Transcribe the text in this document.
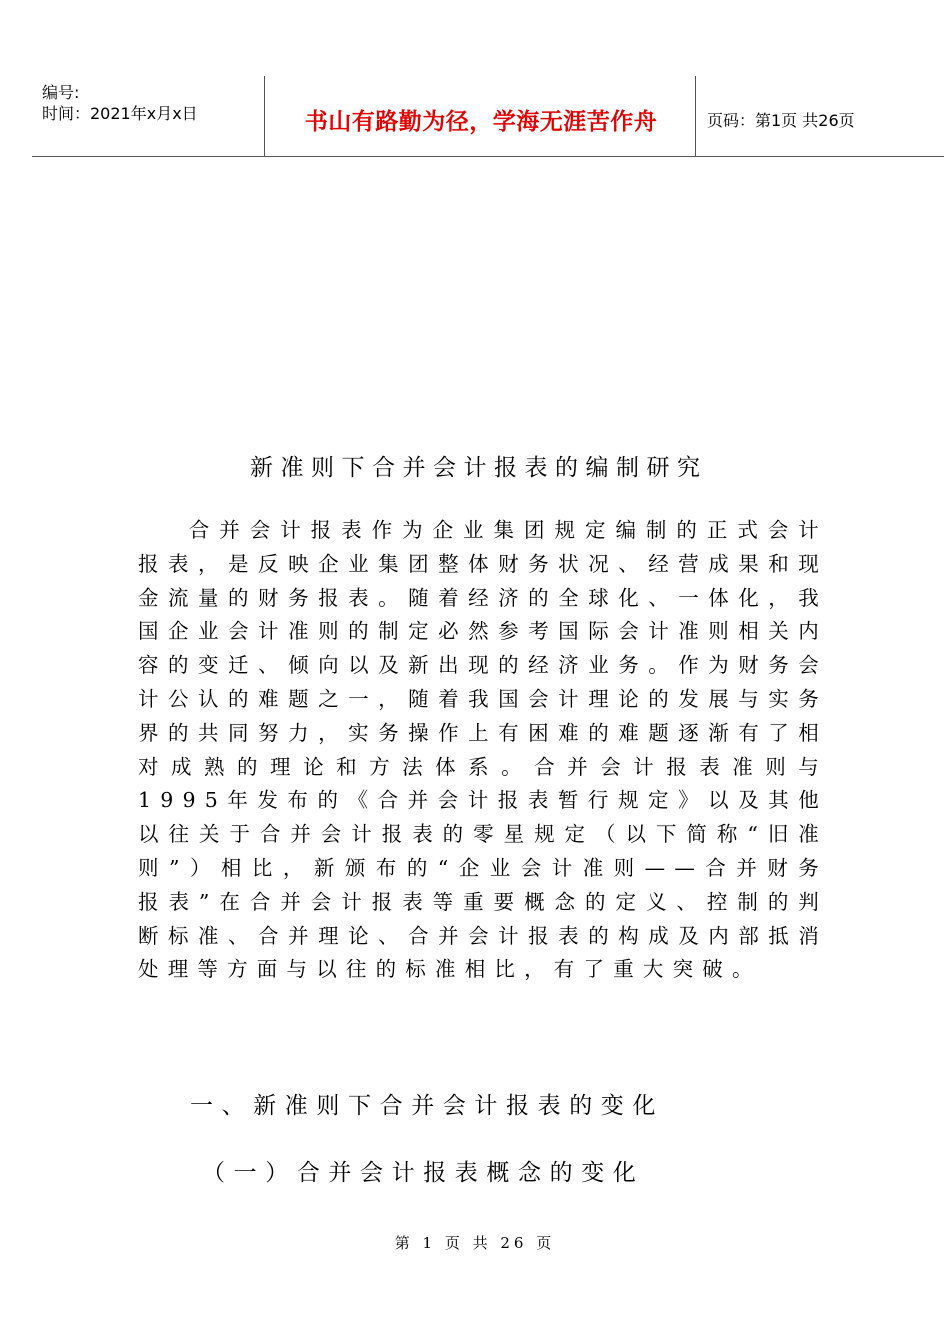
编号:
时间：2021年x月x日	书山有路勤为径，学海无涯苦作舟	页码：第1页 共26页
新准则下合并会计报表的编制研究
合并会计报表作为企业集团规定编制的正式会计报表，是反映企业集团整体财务状况、经营成果和现金流量的财务报表。随着经济的全球化、一体化，我国企业会计准则的制定必然参考国际会计准则相关内容的变迁、倾向以及新出现的经济业务。作为财务会计公认的难题之一，随着我国会计理论的发展与实务界的共同努力，实务操作上有困难的难题逐渐有了相对成熟的理论和方法体系。合并会计报表准则与1995年发布的《合并会计报表暂行规定》以及其他以往关于合并会计报表的零星规定（以下简称“旧准则”）相比，新颁布的“企业会计准则——合并财务报表”在合并会计报表等重要概念的定义、控制的判断标准、合并理论、合并会计报表的构成及内部抵消处理等方面与以往的标准相比，有了重大突破。
一、新准则下合并会计报表的变化
（一）合并会计报表概念的变化
第 1 页 共 26 页
